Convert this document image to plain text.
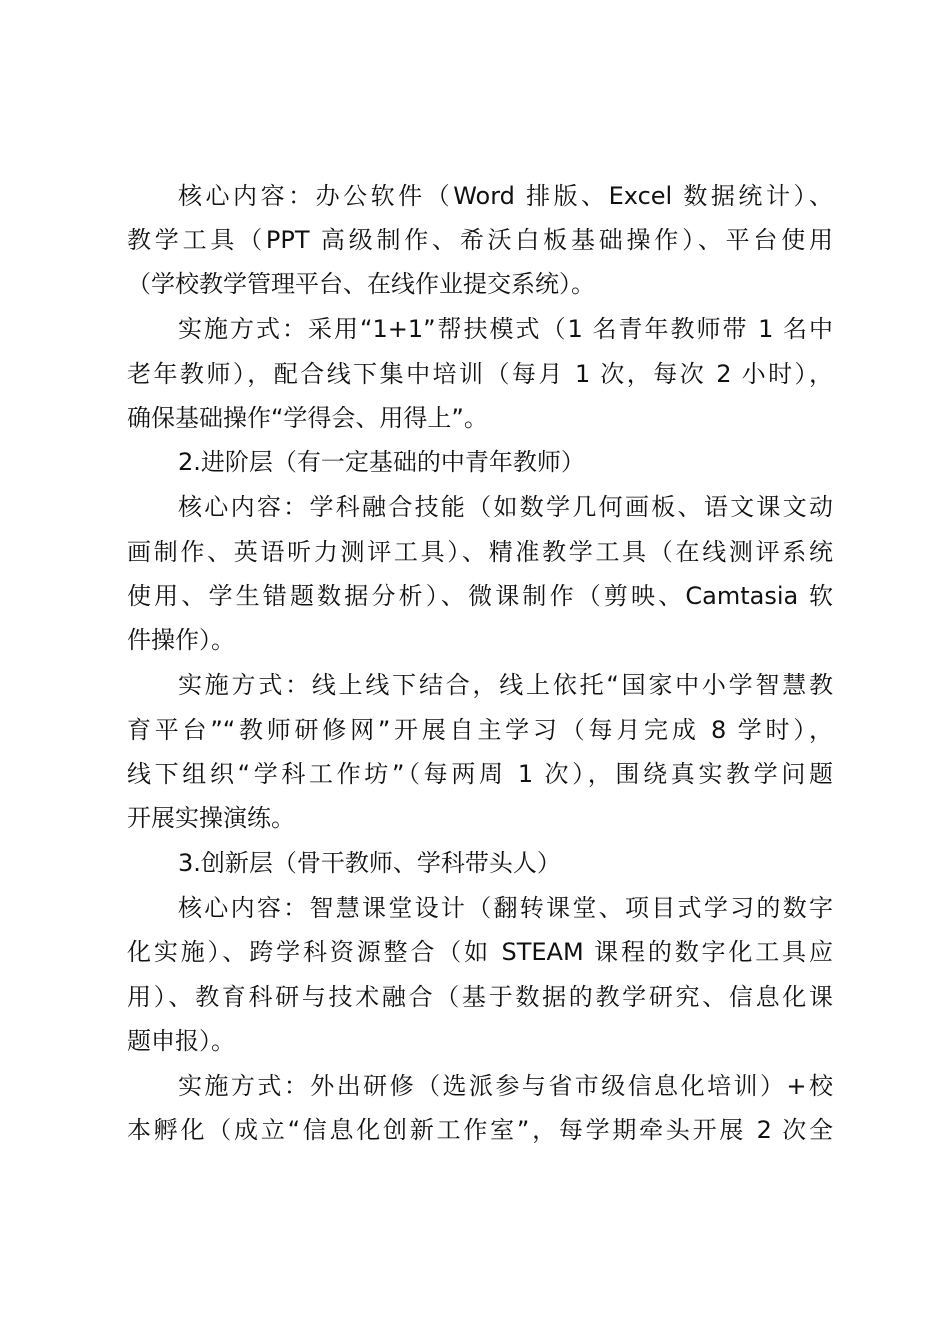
核心内容：办公软件（Word 排版、Excel 数据统计）、
教学工具（PPT 高级制作、希沃白板基础操作）、平台使用
（学校教学管理平台、在线作业提交系统）。
实施方式：采用“1+1”帮扶模式（1 名青年教师带 1 名中
老年教师），配合线下集中培训（每月 1 次，每次 2 小时），
确保基础操作“学得会、用得上”。
2.进阶层（有一定基础的中青年教师）
核心内容：学科融合技能（如数学几何画板、语文课文动
画制作、英语听力测评工具）、精准教学工具（在线测评系统
使用、学生错题数据分析）、微课制作（剪映、Camtasia 软
件操作）。
实施方式：线上线下结合，线上依托“国家中小学智慧教
育平台”“教师研修网”开展自主学习（每月完成 8 学时），
线下组织“学科工作坊”（每两周 1 次），围绕真实教学问题
开展实操演练。
3.创新层（骨干教师、学科带头人）
核心内容：智慧课堂设计（翻转课堂、项目式学习的数字
化实施）、跨学科资源整合（如 STEAM 课程的数字化工具应
用）、教育科研与技术融合（基于数据的教学研究、信息化课
题申报）。
实施方式：外出研修（选派参与省市级信息化培训）+校
本孵化（成立“信息化创新工作室”，每学期牵头开展 2 次全
